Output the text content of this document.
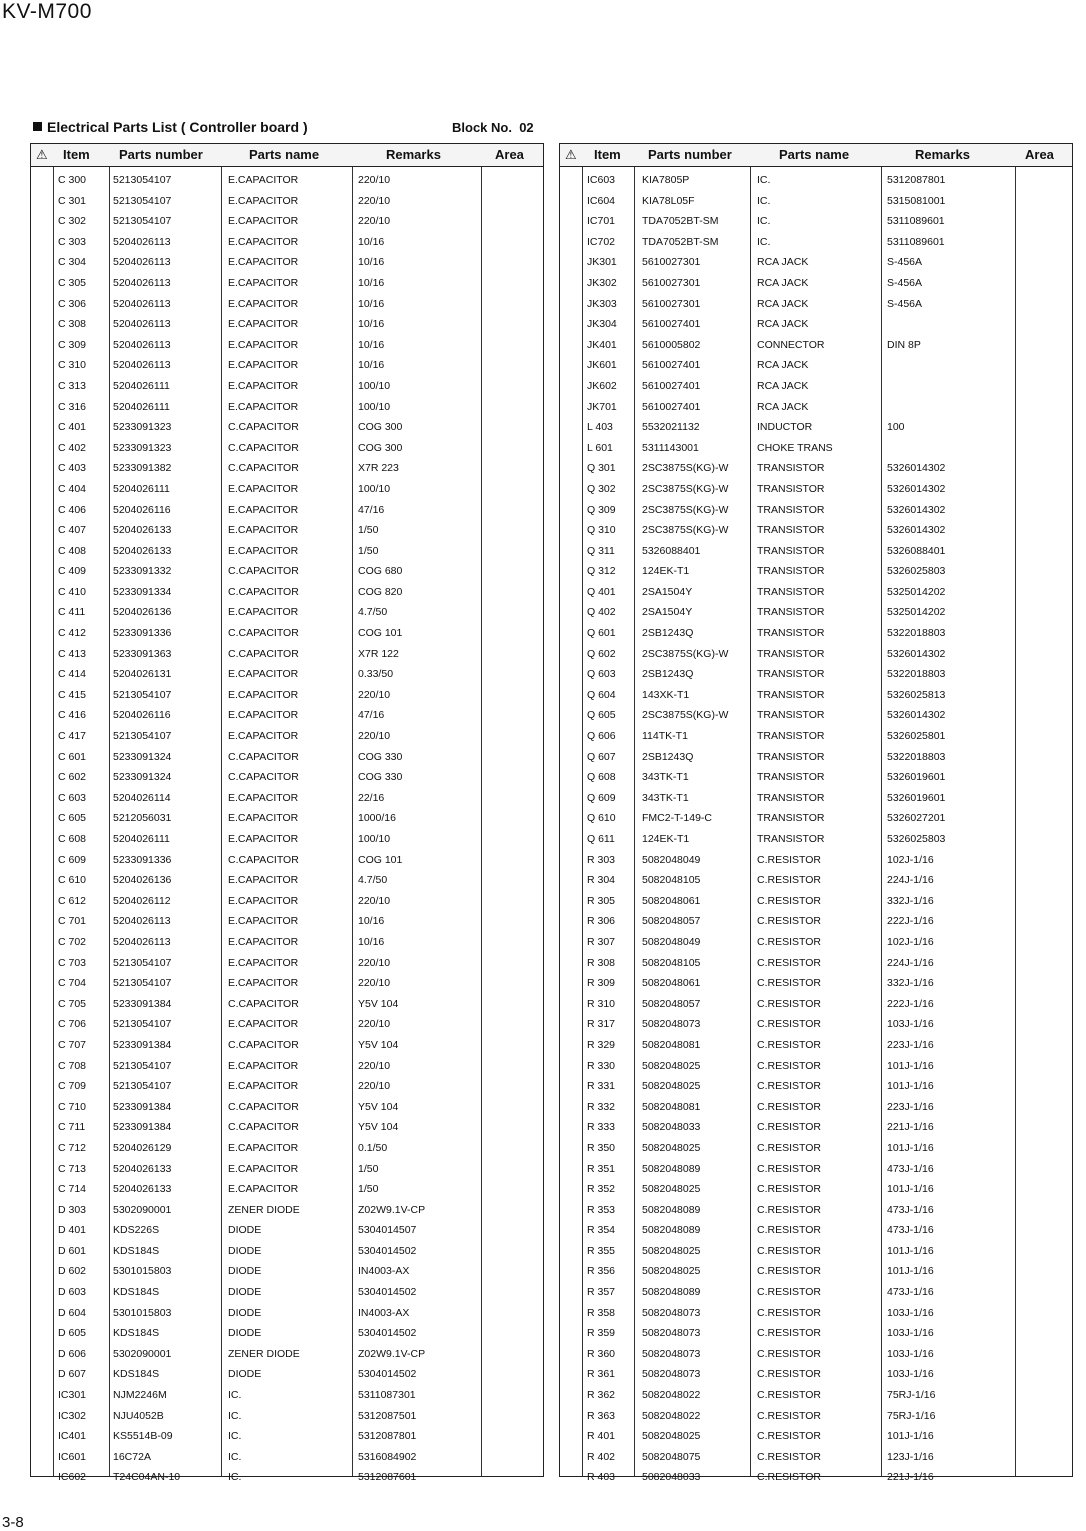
KV-M700
Electrical Parts List ( Controller board )	Block No. 02
⚠ Item Parts number	Parts name	Remarks	Area
C 300	5213054107	E.CAPACITOR	220/10
C 301	5213054107	E.CAPACITOR	220/10
C 302	5213054107	E.CAPACITOR	220/10
C 303	5204026113	E.CAPACITOR	10/16
C 304	5204026113	E.CAPACITOR	10/16
C 305	5204026113	E.CAPACITOR	10/16
C 306	5204026113	E.CAPACITOR	10/16
C 308	5204026113	E.CAPACITOR	10/16
C 309	5204026113	E.CAPACITOR	10/16
C 310	5204026113	E.CAPACITOR	10/16
C 313	5204026111	E.CAPACITOR	100/10
C 316	5204026111	E.CAPACITOR	100/10
C 401	5233091323	C.CAPACITOR	COG 300
C 402	5233091323	C.CAPACITOR	COG 300
C 403	5233091382	C.CAPACITOR	X7R 223
C 404	5204026111	E.CAPACITOR	100/10
C 406	5204026116	E.CAPACITOR	47/16
C 407	5204026133	E.CAPACITOR	1/50
C 408	5204026133	E.CAPACITOR	1/50
C 409	5233091332	C.CAPACITOR	COG 680
C 410	5233091334	C.CAPACITOR	COG 820
C 411	5204026136	E.CAPACITOR	4.7/50
C 412	5233091336	C.CAPACITOR	COG 101
C 413	5233091363	C.CAPACITOR	X7R 122
C 414	5204026131	E.CAPACITOR	0.33/50
C 415	5213054107	E.CAPACITOR	220/10
C 416	5204026116	E.CAPACITOR	47/16
C 417	5213054107	E.CAPACITOR	220/10
C 601	5233091324	C.CAPACITOR	COG 330
C 602	5233091324	C.CAPACITOR	COG 330
C 603	5204026114	E.CAPACITOR	22/16
C 605	5212056031	E.CAPACITOR	1000/16
C 608	5204026111	E.CAPACITOR	100/10
C 609	5233091336	C.CAPACITOR	COG 101
C 610	5204026136	E.CAPACITOR	4.7/50
C 612	5204026112	E.CAPACITOR	220/10
C 701	5204026113	E.CAPACITOR	10/16
C 702	5204026113	E.CAPACITOR	10/16
C 703	5213054107	E.CAPACITOR	220/10
C 704	5213054107	E.CAPACITOR	220/10
C 705	5233091384	C.CAPACITOR	Y5V 104
C 706	5213054107	E.CAPACITOR	220/10
C 707	5233091384	C.CAPACITOR	Y5V 104
C 708	5213054107	E.CAPACITOR	220/10
C 709	5213054107	E.CAPACITOR	220/10
C 710	5233091384	C.CAPACITOR	Y5V 104
C 711	5233091384	C.CAPACITOR	Y5V 104
C 712	5204026129	E.CAPACITOR	0.1/50
C 713	5204026133	E.CAPACITOR	1/50
C 714	5204026133	E.CAPACITOR	1/50
D 303	5302090001	ZENER DIODE	Z02W9.1V-CP
D 401	KDS226S	DIODE	5304014507
D 601	KDS184S	DIODE	5304014502
D 602	5301015803	DIODE	IN4003-AX
D 603	KDS184S	DIODE	5304014502
D 604	5301015803	DIODE	IN4003-AX
D 605	KDS184S	DIODE	5304014502
D 606	5302090001	ZENER DIODE	Z02W9.1V-CP
D 607	KDS184S	DIODE	5304014502
IC301	NJM2246M	IC.	5311087301
IC302	NJU4052B	IC.	5312087501
IC401	KS5514B-09	IC.	5312087801
IC601	16C72A	IC.	5316084902
IC602	T24C04AN-10	IC.	5312087601
⚠ Item Parts number	Parts name	Remarks	Area
IC603	KIA7805P	IC.	5312087801
IC604	KIA78L05F	IC.	5315081001
IC701	TDA7052BT-SM	IC.	5311089601
IC702	TDA7052BT-SM	IC.	5311089601
JK301 5610027301	RCA JACK	S-456A
JK302 5610027301	RCA JACK	S-456A
JK303 5610027301	RCA JACK	S-456A
JK304 5610027401	RCA JACK
JK401 5610005802	CONNECTOR	DIN 8P
JK601 5610027401	RCA JACK
JK602 5610027401	RCA JACK
JK701 5610027401	RCA JACK
L 403	5532021132	INDUCTOR	100
L 601	5311143001	CHOKE TRANS
Q 301	2SC3875S(KG)-W	TRANSISTOR	5326014302
Q 302	2SC3875S(KG)-W	TRANSISTOR	5326014302
Q 309	2SC3875S(KG)-W	TRANSISTOR	5326014302
Q 310	2SC3875S(KG)-W	TRANSISTOR	5326014302
Q 311	5326088401	TRANSISTOR	5326088401
Q 312	124EK-T1	TRANSISTOR	5326025803
Q 401	2SA1504Y	TRANSISTOR	5325014202
Q 402	2SA1504Y	TRANSISTOR	5325014202
Q 601	2SB1243Q	TRANSISTOR	5322018803
Q 602	2SC3875S(KG)-W	TRANSISTOR	5326014302
Q 603	2SB1243Q	TRANSISTOR	5322018803
Q 604	143XK-T1	TRANSISTOR	5326025813
Q 605	2SC3875S(KG)-W	TRANSISTOR	5326014302
Q 606	114TK-T1	TRANSISTOR	5326025801
Q 607	2SB1243Q	TRANSISTOR	5322018803
Q 608	343TK-T1	TRANSISTOR	5326019601
Q 609	343TK-T1	TRANSISTOR	5326019601
Q 610	FMC2-T-149-C	TRANSISTOR	5326027201
Q 611	124EK-T1	TRANSISTOR	5326025803
R 303	5082048049	C.RESISTOR	102J-1/16
R 304	5082048105	C.RESISTOR	224J-1/16
R 305	5082048061	C.RESISTOR	332J-1/16
R 306	5082048057	C.RESISTOR	222J-1/16
R 307	5082048049	C.RESISTOR	102J-1/16
R 308	5082048105	C.RESISTOR	224J-1/16
R 309	5082048061	C.RESISTOR	332J-1/16
R 310	5082048057	C.RESISTOR	222J-1/16
R 317	5082048073	C.RESISTOR	103J-1/16
R 329	5082048081	C.RESISTOR	223J-1/16
R 330	5082048025	C.RESISTOR	101J-1/16
R 331	5082048025	C.RESISTOR	101J-1/16
R 332	5082048081	C.RESISTOR	223J-1/16
R 333	5082048033	C.RESISTOR	221J-1/16
R 350	5082048025	C.RESISTOR	101J-1/16
R 351	5082048089	C.RESISTOR	473J-1/16
R 352	5082048025	C.RESISTOR	101J-1/16
R 353	5082048089	C.RESISTOR	473J-1/16
R 354	5082048089	C.RESISTOR	473J-1/16
R 355	5082048025	C.RESISTOR	101J-1/16
R 356	5082048025	C.RESISTOR	101J-1/16
R 357	5082048089	C.RESISTOR	473J-1/16
R 358	5082048073	C.RESISTOR	103J-1/16
R 359	5082048073	C.RESISTOR	103J-1/16
R 360	5082048073	C.RESISTOR	103J-1/16
R 361	5082048073	C.RESISTOR	103J-1/16
R 362	5082048022	C.RESISTOR	75RJ-1/16
R 363	5082048022	C.RESISTOR	75RJ-1/16
R 401	5082048025	C.RESISTOR	101J-1/16
R 402	5082048075	C.RESISTOR	123J-1/16
R 403	5082048033	C.RESISTOR	221J-1/16
3-8
